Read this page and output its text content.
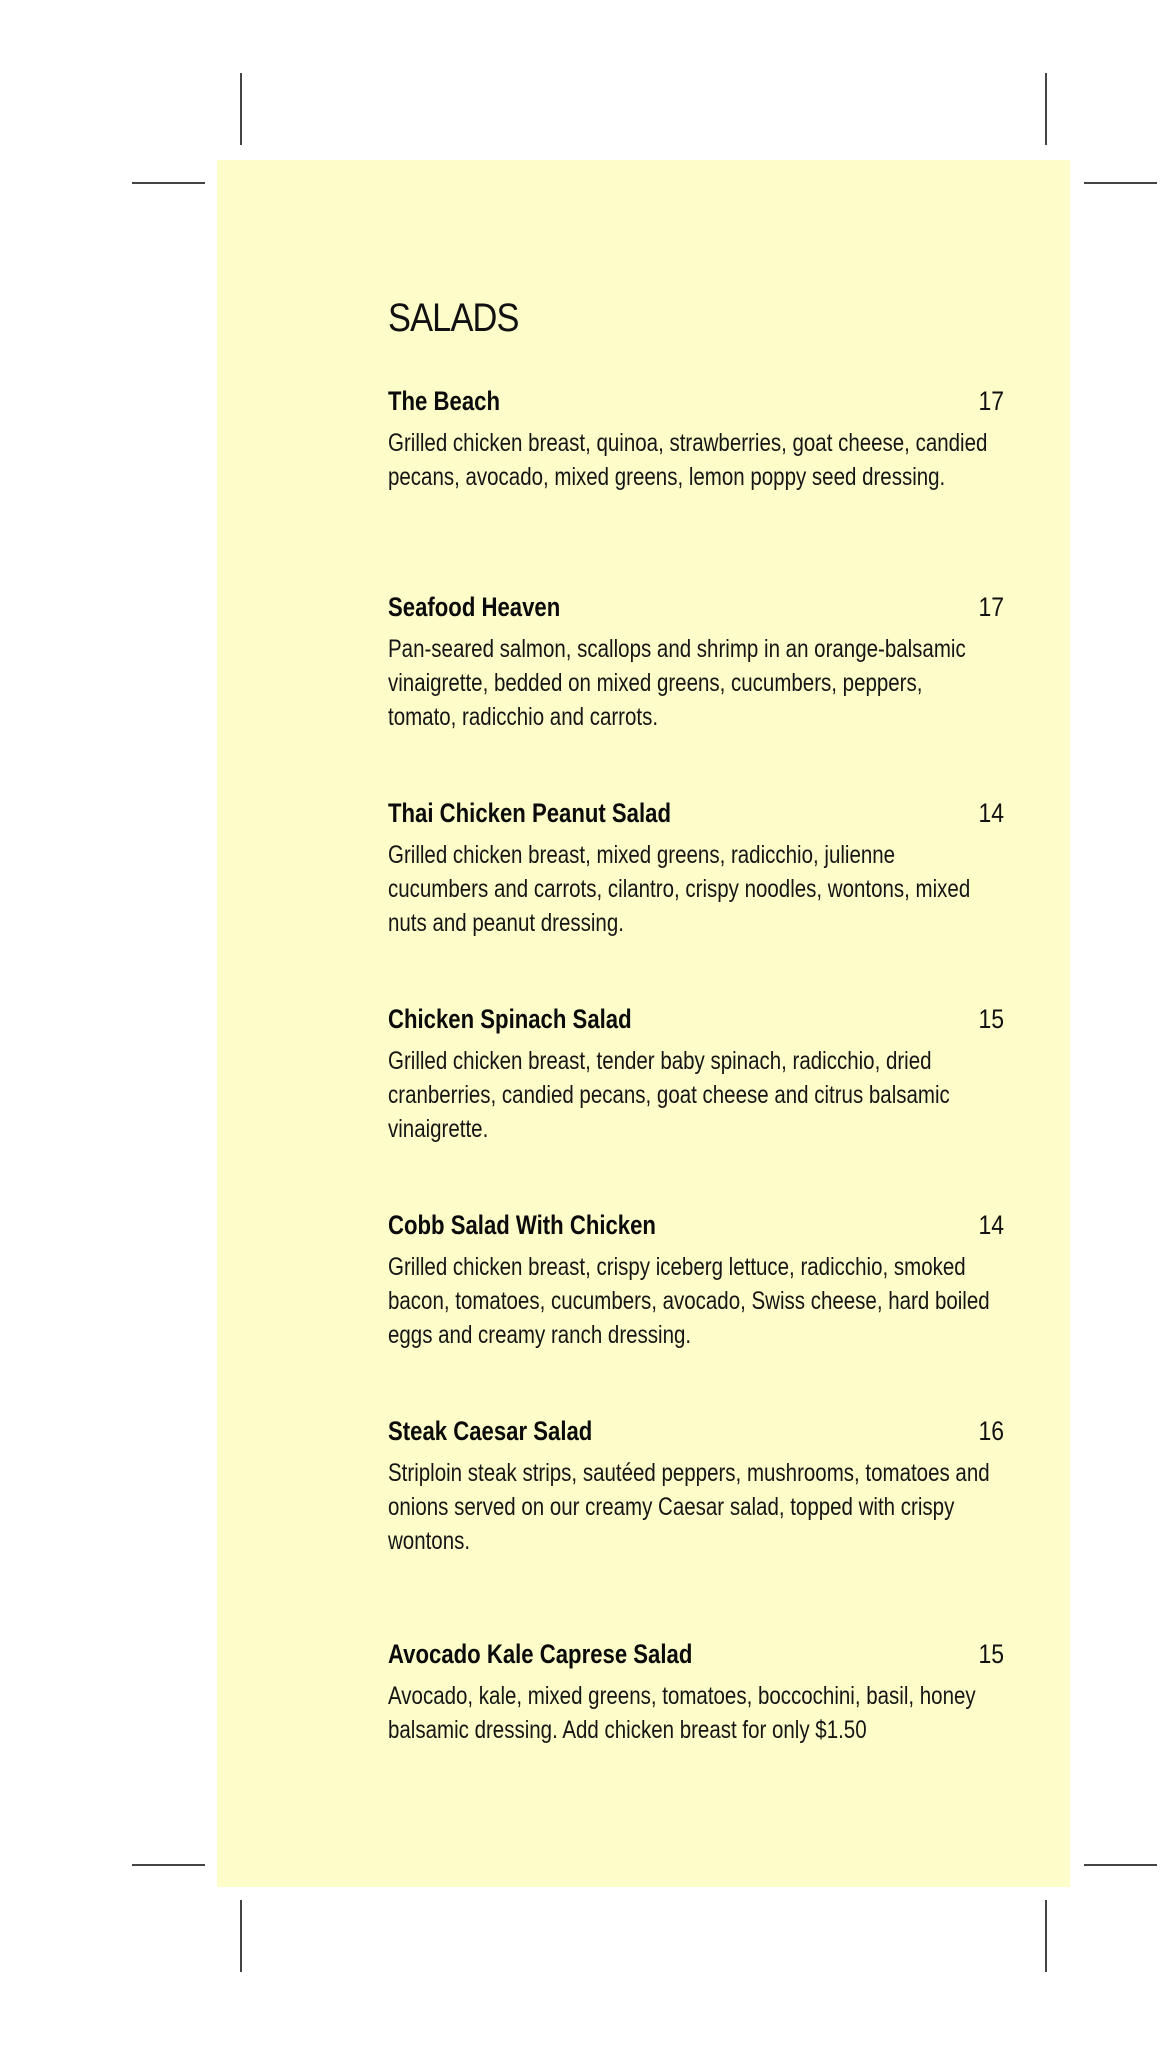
SALADS
The Beach	17

Grilled chicken breast, quinoa, strawberries, goat cheese, candied pecans, avocado, mixed greens, lemon poppy seed dressing.

Seafood Heaven	17

Pan-seared salmon, scallops and shrimp in an orange-balsamic vinaigrette, bedded on mixed greens, cucumbers, peppers, tomato, radicchio and carrots.

Thai Chicken Peanut Salad	14

Grilled chicken breast, mixed greens, radicchio, julienne cucumbers and carrots, cilantro, crispy noodles, wontons, mixed nuts and peanut dressing.

Chicken Spinach Salad	15

Grilled chicken breast, tender baby spinach, radicchio, dried cranberries, candied pecans, goat cheese and citrus balsamic vinaigrette.

Cobb Salad With Chicken	14

Grilled chicken breast, crispy iceberg lettuce, radicchio, smoked bacon, tomatoes, cucumbers, avocado, Swiss cheese, hard boiled eggs and creamy ranch dressing.

Steak Caesar Salad	16

Striploin steak strips, sautéed peppers, mushrooms, tomatoes and onions served on our creamy Caesar salad, topped with crispy wontons.

Avocado Kale Caprese Salad	15

Avocado, kale, mixed greens, tomatoes, boccochini, basil, honey balsamic dressing. Add chicken breast for only $1.50
